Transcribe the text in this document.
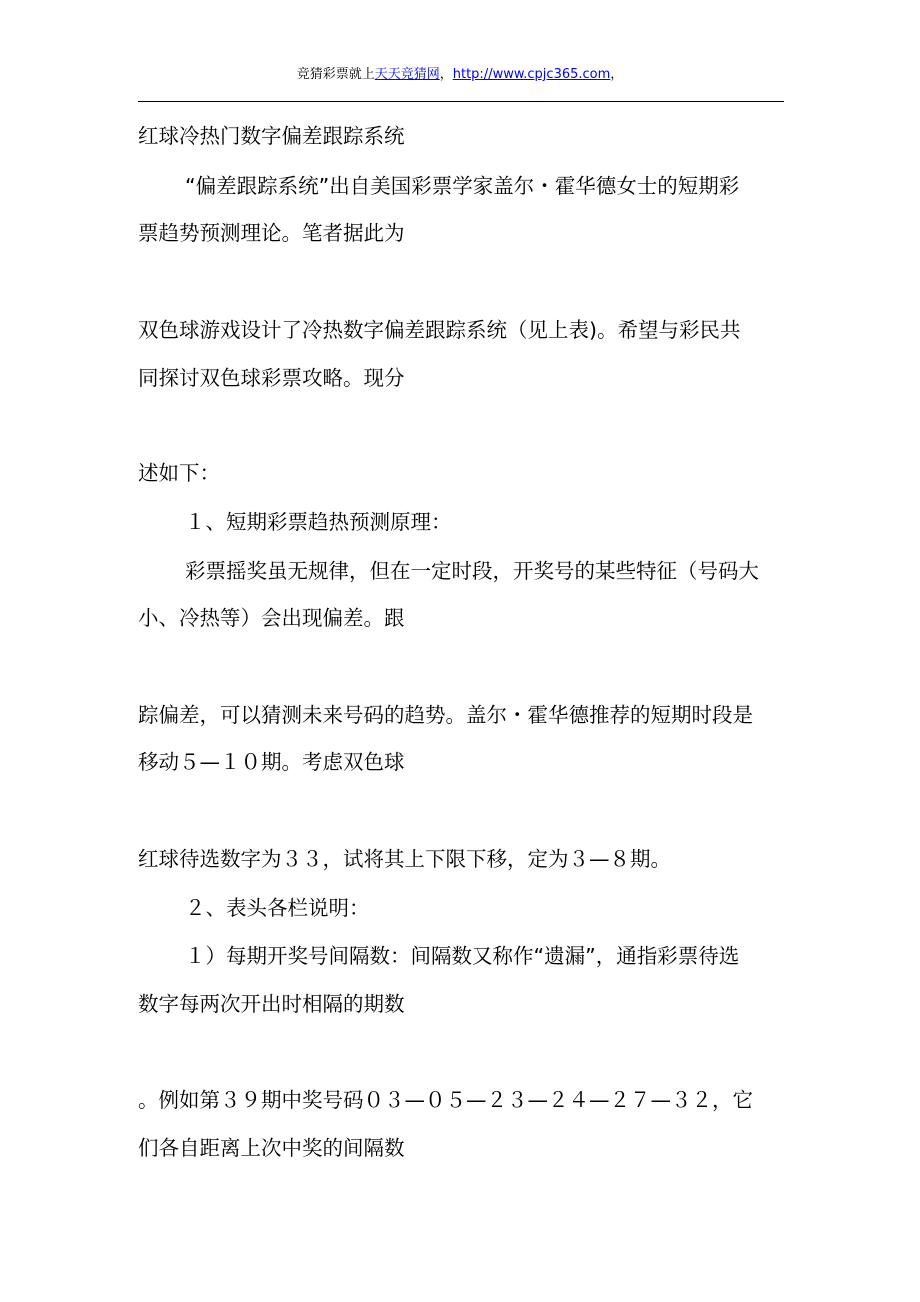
竞猜彩票就上天天竞猜网，http://www.cpjc365.com，
红球冷热门数字偏差跟踪系统
“偏差跟踪系统”出自美国彩票学家盖尔・霍华德女士的短期彩
票趋势预测理论。笔者据此为
双色球游戏设计了冷热数字偏差跟踪系统（见上表)。希望与彩民共
同探讨双色球彩票攻略。现分
述如下：
１、短期彩票趋热预测原理：
彩票摇奖虽无规律，但在一定时段，开奖号的某些特征（号码大
小、冷热等）会出现偏差。跟
踪偏差，可以猜测未来号码的趋势。盖尔・霍华德推荐的短期时段是
移动５—１０期。考虑双色球
红球待选数字为３３，试将其上下限下移，定为３—８期。
２、表头各栏说明：
１）每期开奖号间隔数：间隔数又称作“遗漏”，通指彩票待选
数字每两次开出时相隔的期数
。例如第３９期中奖号码０３—０５—２３—２４—２７—３２，它
们各自距离上次中奖的间隔数
